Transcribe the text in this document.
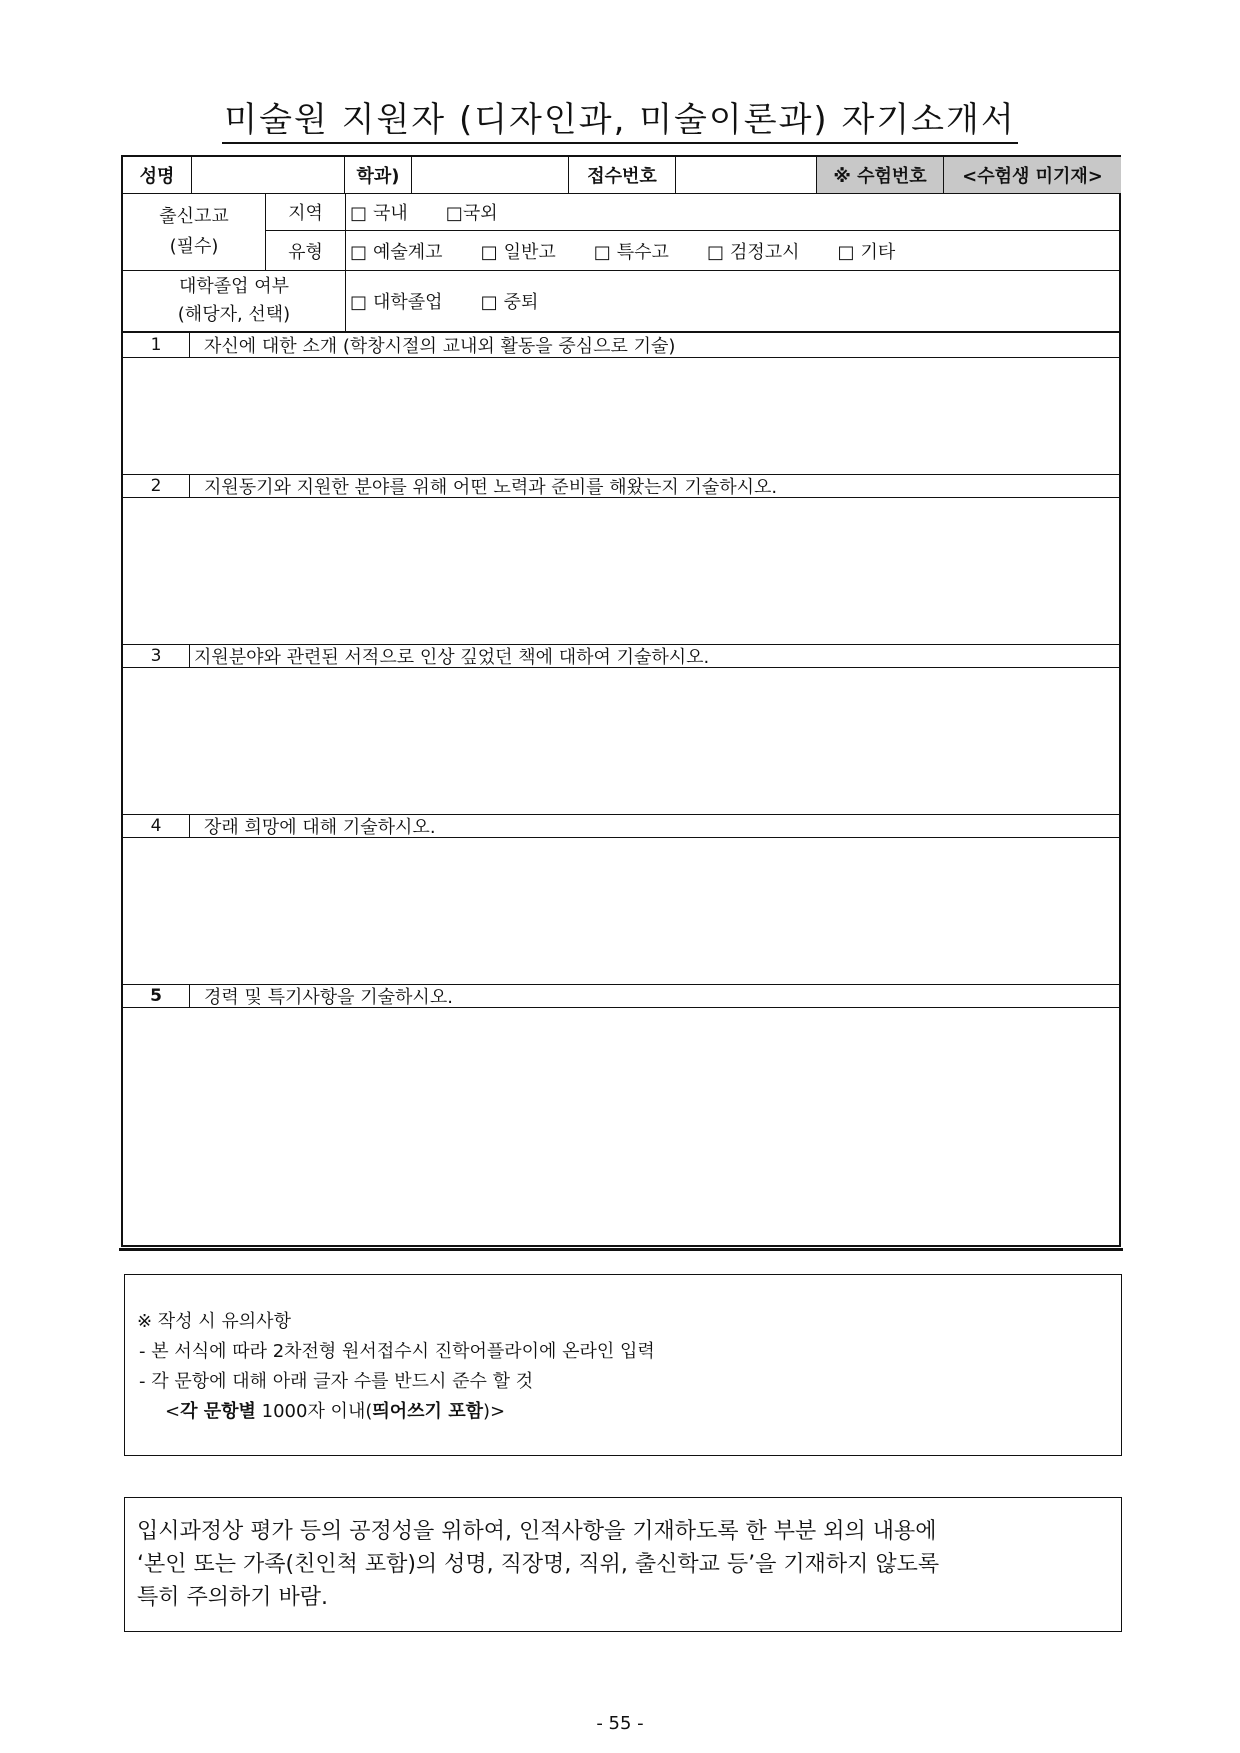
미술원 지원자 (디자인과, 미술이론과) 자기소개서
성명	학과)	접수번호	※ 수험번호	<수험생 미기재>
출신고교
(필수)
지역	□ 국내 □국외
유형	□ 예술계고 □ 일반고 □ 특수고 □ 검정고시 □ 기타
대학졸업 여부
(해당자, 선택)
□ 대학졸업 □ 중퇴
1	자신에 대한 소개 (학창시절의 교내외 활동을 중심으로 기술)
2	지원동기와 지원한 분야를 위해 어떤 노력과 준비를 해왔는지 기술하시오.
3	지원분야와 관련된 서적으로 인상 깊었던 책에 대하여 기술하시오.
4	장래 희망에 대해 기술하시오.
5	경력 및 특기사항을 기술하시오.
※ 작성 시 유의사항
- 본 서식에 따라 2차전형 원서접수시 진학어플라이에 온라인 입력
- 각 문항에 대해 아래 글자 수를 반드시 준수 할 것
<각 문항별 1000자 이내(띄어쓰기 포함)>
입시과정상 평가 등의 공정성을 위하여, 인적사항을 기재하도록 한 부분 외의 내용에
‘본인 또는 가족(친인척 포함)의 성명, 직장명, 직위, 출신학교 등’을 기재하지 않도록
특히 주의하기 바람.
- 55 -
